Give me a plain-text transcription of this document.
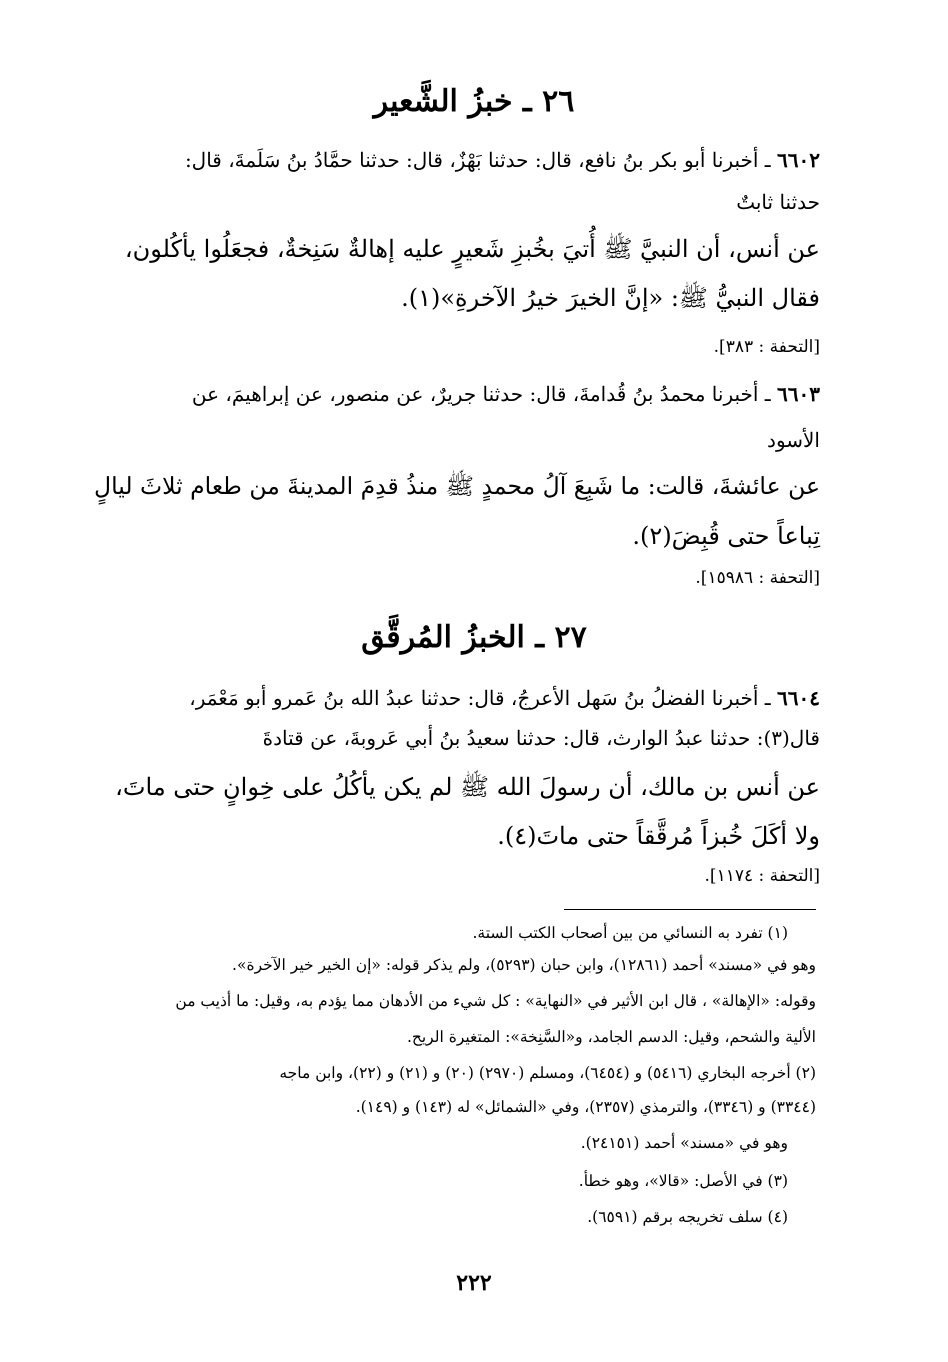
٢٦ ـ خبزُ الشَّعير
٦٦٠٢ ـ أخبرنا أبو بكر بنُ نافع، قال: حدثنا بَهْزٌ، قال: حدثنا حمَّادُ بنُ سَلَمةَ، قال:
حدثنا ثابتٌ
عن أنس، أن النبيَّ ﷺ أُتيَ بخُبزِ شَعيرٍ عليه إهالةٌ سَنِخةٌ، فجعَلُوا يأكُلون،
فقال النبيُّ ﷺ: «إنَّ الخيرَ خيرُ الآخرةِ»(١).
[التحفة : ٣٨٣].
٦٦٠٣ ـ أخبرنا محمدُ بنُ قُدامةَ، قال: حدثنا جريرٌ، عن منصور، عن إبراهيمَ، عن
الأسود
عن عائشةَ، قالت: ما شَبِعَ آلُ محمدٍ ﷺ منذُ قدِمَ المدينةَ من طعام ثلاثَ ليالٍ
تِباعاً حتى قُبِضَ(٢).
[التحفة : ١٥٩٨٦].
٢٧ ـ الخبزُ المُرقَّق
٦٦٠٤ ـ أخبرنا الفضلُ بنُ سَهل الأعرجُ، قال: حدثنا عبدُ الله بنُ عَمرو أبو مَعْمَر،
قال(٣): حدثنا عبدُ الوارث، قال: حدثنا سعيدُ بنُ أبي عَروبةَ، عن قتادةَ
عن أنس بن مالك، أن رسولَ الله ﷺ لم يكن يأكُلُ على خِوانٍ حتى ماتَ،
ولا أكَلَ خُبزاً مُرقَّقاً حتى ماتَ(٤).
[التحفة : ١١٧٤].
(١) تفرد به النسائي من بين أصحاب الكتب الستة.
وهو في «مسند» أحمد (١٢٨٦١)، وابن حبان (٥٢٩٣)، ولم يذكر قوله: «إن الخير خير الآخرة».
وقوله: «الإهالة» ، قال ابن الأثير في «النهاية» : كل شيء من الأدهان مما يؤدم به، وقيل: ما أذيب من
الألية والشحم، وقيل: الدسم الجامد، و«السَّنِخة»: المتغيرة الريح.
(٢) أخرجه البخاري (٥٤١٦) و (٦٤٥٤)، ومسلم (٢٩٧٠) (٢٠) و (٢١) و (٢٢)، وابن ماجه
(٣٣٤٤) و (٣٣٤٦)، والترمذي (٢٣٥٧)، وفي «الشمائل» له (١٤٣) و (١٤٩).
وهو في «مسند» أحمد (٢٤١٥١).
(٣) في الأصل: «قالا»، وهو خطأ.
(٤) سلف تخريجه برقم (٦٥٩١).
٢٢٢
